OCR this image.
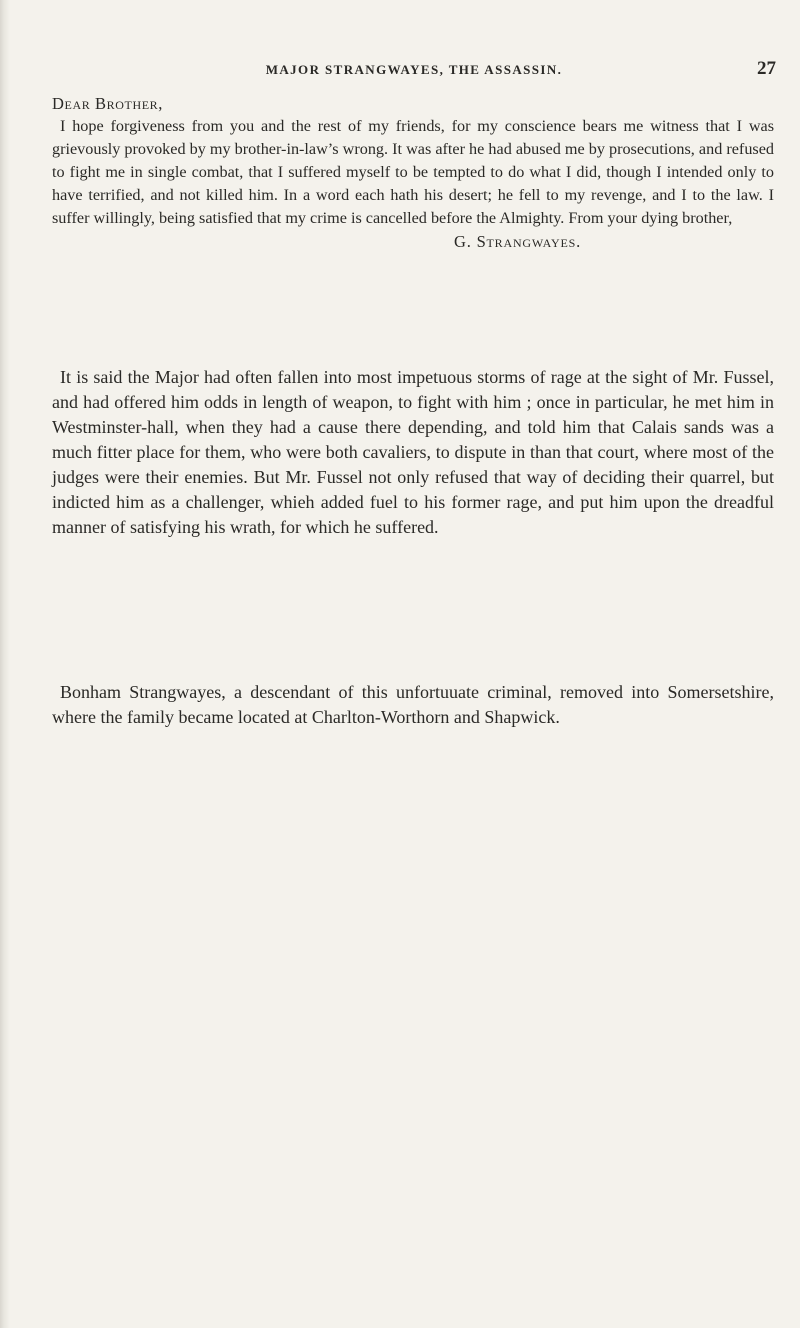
MAJOR STRANGWAYES, THE ASSASSIN.	27
Dear Brother,

I hope forgiveness from you and the rest of my friends, for my conscience bears me witness that I was grievously provoked by my brother-in-law’s wrong. It was after he had abused me by prosecutions, and refused to fight me in single combat, that I suffered myself to be tempted to do what I did, though I intended only to have terrified, and not killed him. In a word each hath his desert; he fell to my revenge, and I to the law. I suffer willingly, being satisfied that my crime is cancelled before the Almighty. From your dying brother,

G. Strangwayes.

It is said the Major had often fallen into most impetuous storms of rage at the sight of Mr. Fussel, and had offered him odds in length of weapon, to fight with him ; once in particular, he met him in Westminster-hall, when they had a cause there depending, and told him that Calais sands was a much fitter place for them, who were both cavaliers, to dispute in than that court, where most of the judges were their enemies. But Mr. Fussel not only refused that way of deciding their quarrel, but indicted him as a challenger, whieh added fuel to his former rage, and put him upon the dreadful manner of satisfying his wrath, for which he suffered.

Bonham Strangwayes, a descendant of this unfortuuate criminal, removed into Somersetshire, where the family became located at Charlton-Worthorn and Shapwick.
